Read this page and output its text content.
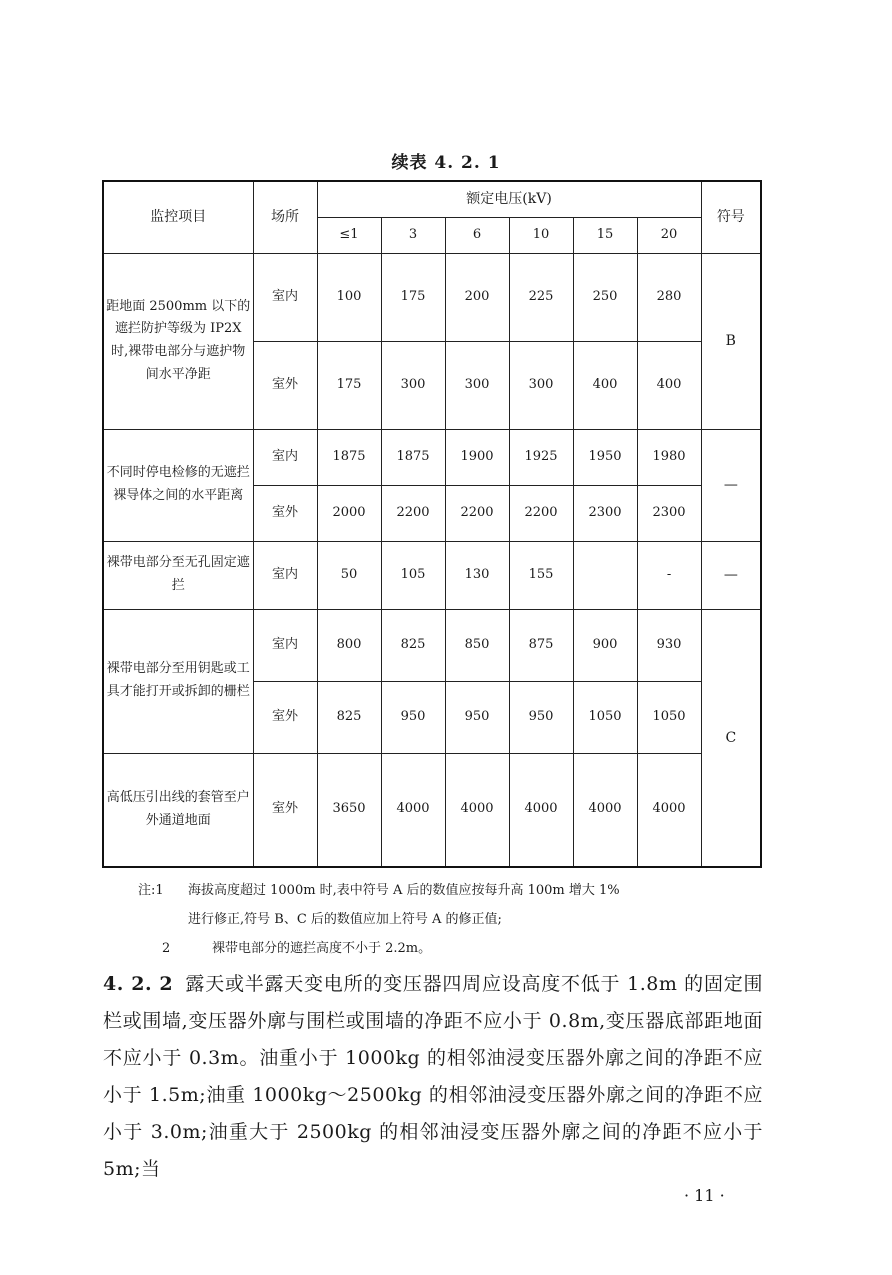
续表 4. 2. 1
监控项目	场所	额定电压(kV)						符号
		≤1	3	6	10	15	20	
距地面 2500mm 以下的遮拦防护等级为 IP2X 时,裸带电部分与遮护物间水平净距	室内	100	175	200	225	250	280	B
	室外	175	300	300	300	400	400	
不同时停电检修的无遮拦裸导体之间的水平距离	室内	1875	1875	1900	1925	1950	1980	—
	室外	2000	2200	2200	2200	2300	2300	
裸带电部分至无孔固定遮拦	室内	50	105	130	155		-	—
裸带电部分至用钥匙或工具才能打开或拆卸的栅栏	室内	800	825	850	875	900	930	C
	室外	825	950	950	950	1050	1050	
高低压引出线的套管至户外通道地面	室外	3650	4000	4000	4000	4000	4000	
注:1	海拔高度超过 1000m 时,表中符号 A 后的数值应按每升高 100m 增大 1%
进行修正,符号 B、C 后的数值应加上符号 A 的修正值;
2	裸带电部分的遮拦高度不小于 2.2m。
4. 2. 2 露天或半露天变电所的变压器四周应设高度不低于 1.8m 的固定围栏或围墙,变压器外廓与围栏或围墙的净距不应小于 0.8m,变压器底部距地面不应小于 0.3m。油重小于 1000kg 的相邻油浸变压器外廓之间的净距不应小于 1.5m;油重 1000kg～2500kg 的相邻油浸变压器外廓之间的净距不应小于 3.0m;油重大于 2500kg 的相邻油浸变压器外廓之间的净距不应小于 5m;当
· 11 ·
